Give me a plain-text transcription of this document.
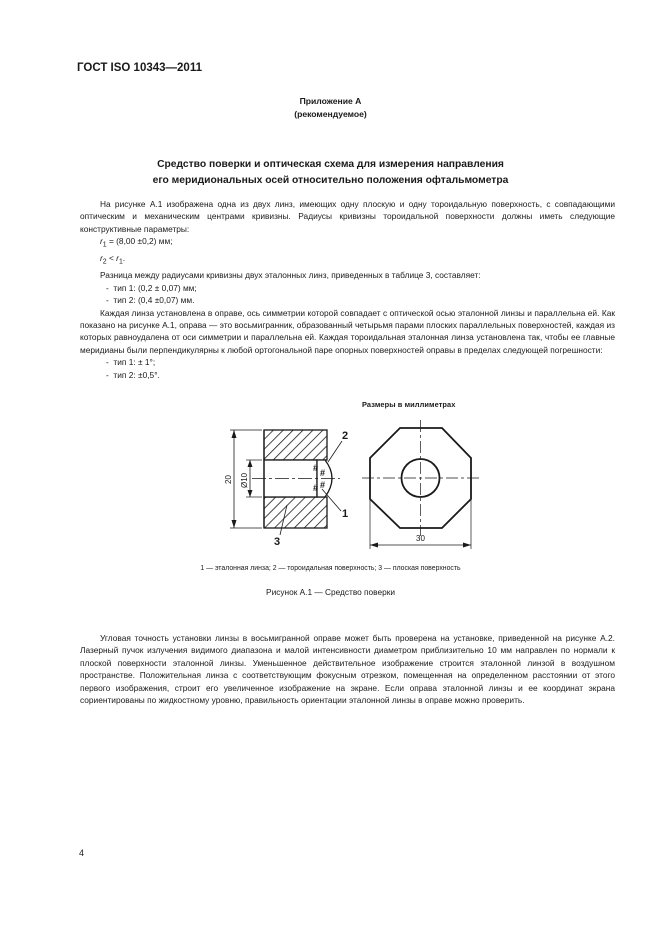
ГОСТ ISO 10343—2011
Приложение А
(рекомендуемое)
Средство поверки и оптическая схема для измерения направления
его меридиональных осей относительно положения офтальмометра

На рисунке А.1 изображена одна из двух линз, имеющих одну плоскую и одну тороидальную поверхность, с совпадающими оптическим и механическим центрами кривизны. Радиусы кривизны тороидальной поверхности должны иметь следующие конструктивные параметры:

$r_1 = (8,00 \pm 0,2)$ мм;

$r_2 < r_1$.

Разница между радиусами кривизны двух эталонных линз, приведенных в таблице 3, составляет:

-  тип 1: (0,2 ± 0,07) мм;

-  тип 2: (0,4 ±0,07) мм.

Каждая линза установлена в оправе, ось симметрии которой совпадает с оптической осью эталонной линзы и параллельна ей. Как показано на рисунке А.1, оправа — это восьмигранник, образованный четырьмя парами плоских параллельных поверхностей, каждая из которых равноудалена от оси симметрии и параллельна ей. Каждая тороидальная эталонная линза установлена так, чтобы ее главные меридианы были перпендикулярны к любой ортогональной паре опорных поверхностей оправы в пределах следующей погрешности:

-  тип 1: ± 1°;

-  тип 2: ±0,5°.

Размеры в миллиметрах
# #
# #
20 Ø10
2
1
3	30
1 — эталонная линза; 2 — тороидальная поверхность; 3 — плоская поверхность
Рисунок А.1 — Средство поверки

Угловая точность установки линзы в восьмигранной оправе может быть проверена на установке, приведенной на рисунке А.2. Лазерный пучок излучения видимого диапазона и малой интенсивности диаметром приблизительно 10 мм направлен по нормали к плоской поверхности эталонной линзы. Уменьшенное действительное изображение строится эталонной линзой в воздушном пространстве. Положительная линза с соответствующим фокусным отрезком, помещенная на определенном расстоянии от этого первого изображения, строит его увеличенное изображение на экране. Если оправа эталонной линзы и ее координат экрана сориентированы по жидкостному уровню, правильность ориентации эталонной линзы в оправе можно проверить.

4
